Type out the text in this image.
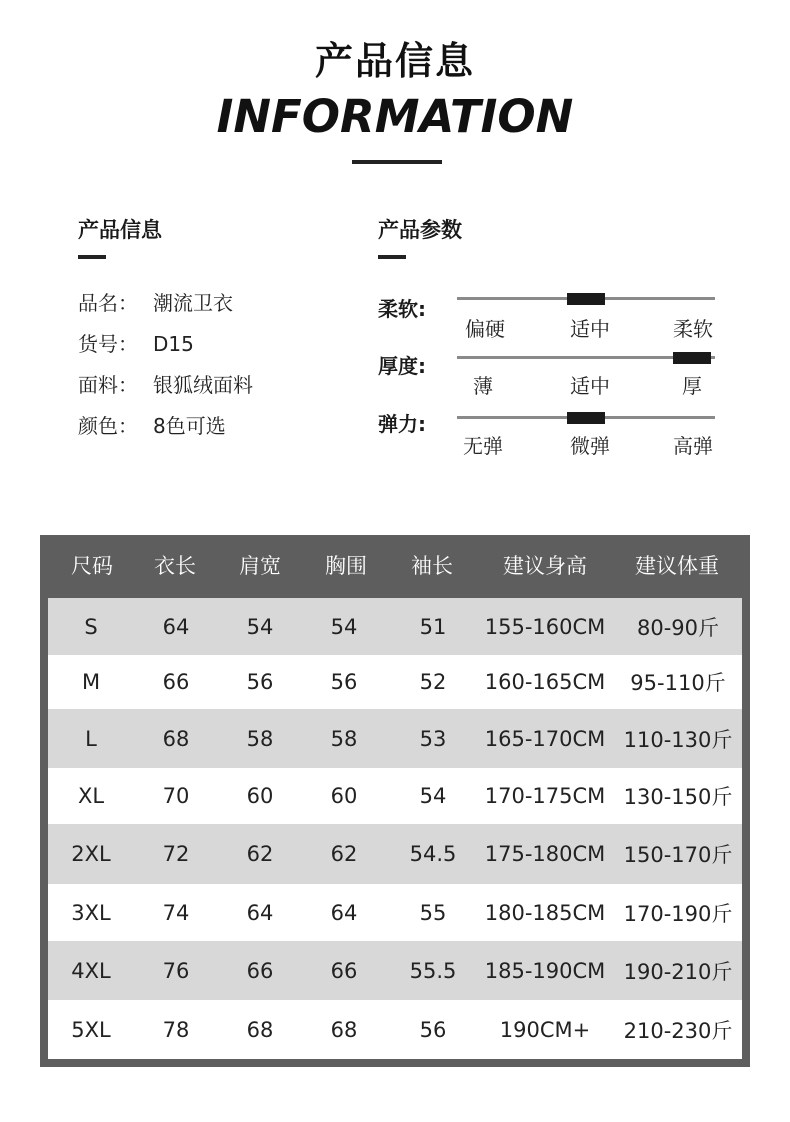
产品信息
INFORMATION
产品信息
品名： 潮流卫衣
货号： D15
面料： 银狐绒面料
颜色： 8色可选
产品参数
柔软:
偏硬	适中	柔软
厚度:
薄	适中	厚
弹力:
无弹	微弹	高弹
尺码	衣长	肩宽	胸围	袖长	建议身高	建议体重
S	64	54	54	51	155-160CM	80-90斤
M	66	56	56	52	160-165CM	95-110斤
L	68	58	58	53	165-170CM 110-130斤
XL	70	60	60	54	170-175CM 130-150斤
2XL	72	62	62	54.5	175-180CM 150-170斤
3XL	74	64	64	55	180-185CM 170-190斤
4XL	76	66	66	55.5	185-190CM 190-210斤
5XL	78	68	68	56	190CM+	210-230斤
